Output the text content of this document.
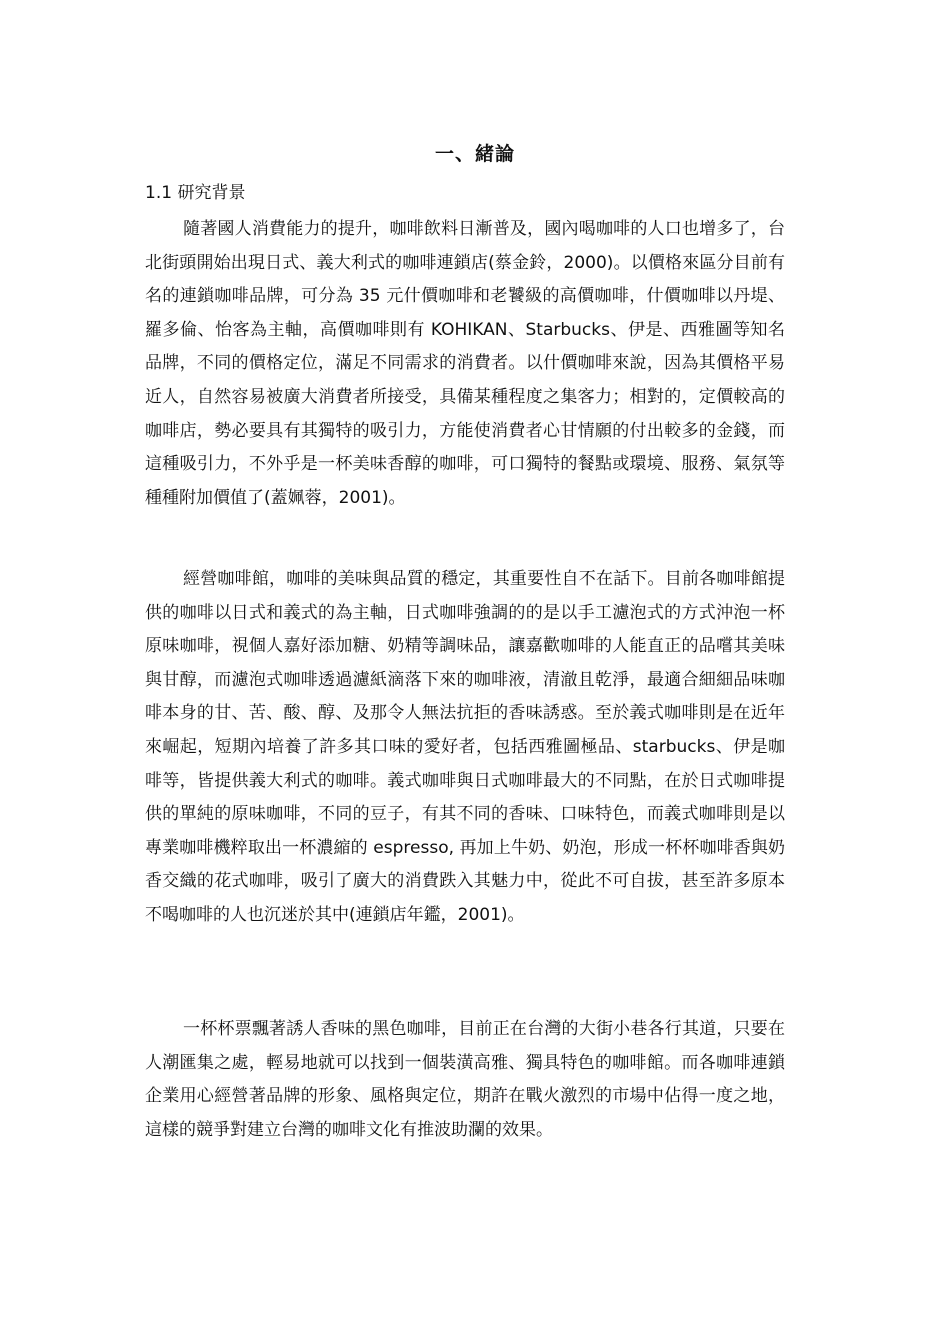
一、緒論
1.1 研究背景

隨著國人消費能力的提升，咖啡飲料日漸普及，國內喝咖啡的人口也增多了，台北街頭開始出現日式、義大利式的咖啡連鎖店(蔡金鈴，2000)。以價格來區分目前有名的連鎖咖啡品牌，可分為 35 元什價咖啡和老饕級的高價咖啡，什價咖啡以丹堤、羅多倫、怡客為主軸，高價咖啡則有 KOHIKAN、Starbucks、伊是、西雅圖等知名品牌，不同的價格定位，滿足不同需求的消費者。以什價咖啡來說，因為其價格平易近人，自然容易被廣大消費者所接受，具備某種程度之集客力；相對的，定價較高的咖啡店，勢必要具有其獨特的吸引力，方能使消費者心甘情願的付出較多的金錢，而這種吸引力，不外乎是一杯美味香醇的咖啡，可口獨特的餐點或環境、服務、氣氛等種種附加價值了(蓋姵蓉，2001)。

經營咖啡館，咖啡的美味與品質的穩定，其重要性自不在話下。目前各咖啡館提供的咖啡以日式和義式的為主軸，日式咖啡強調的的是以手工濾泡式的方式沖泡一杯原味咖啡，視個人嘉好添加糖、奶精等調味品，讓嘉歡咖啡的人能直正的品嚐其美味與甘醇，而濾泡式咖啡透過濾紙滴落下來的咖啡液，清澈且乾淨，最適合細細品味咖啡本身的甘、苦、酸、醇、及那令人無法抗拒的香味誘惑。至於義式咖啡則是在近年來崛起，短期內培養了許多其口味的愛好者，包括西雅圖極品、starbucks、伊是咖啡等，皆提供義大利式的咖啡。義式咖啡與日式咖啡最大的不同點，在於日式咖啡提供的單純的原味咖啡，不同的豆子，有其不同的香味、口味特色，而義式咖啡則是以專業咖啡機粹取出一杯濃縮的 espresso, 再加上牛奶、奶泡，形成一杯杯咖啡香與奶香交織的花式咖啡，吸引了廣大的消費跌入其魅力中，從此不可自拔，甚至許多原本不喝咖啡的人也沉迷於其中(連鎖店年鑑，2001)。

一杯杯票飄著誘人香味的黑色咖啡，目前正在台灣的大街小巷各行其道，只要在人潮匯集之處，輕易地就可以找到一個裝潢高雅、獨具特色的咖啡館。而各咖啡連鎖企業用心經營著品牌的形象、風格與定位，期許在戰火激烈的市場中佔得一度之地，這樣的競爭對建立台灣的咖啡文化有推波助瀾的效果。
